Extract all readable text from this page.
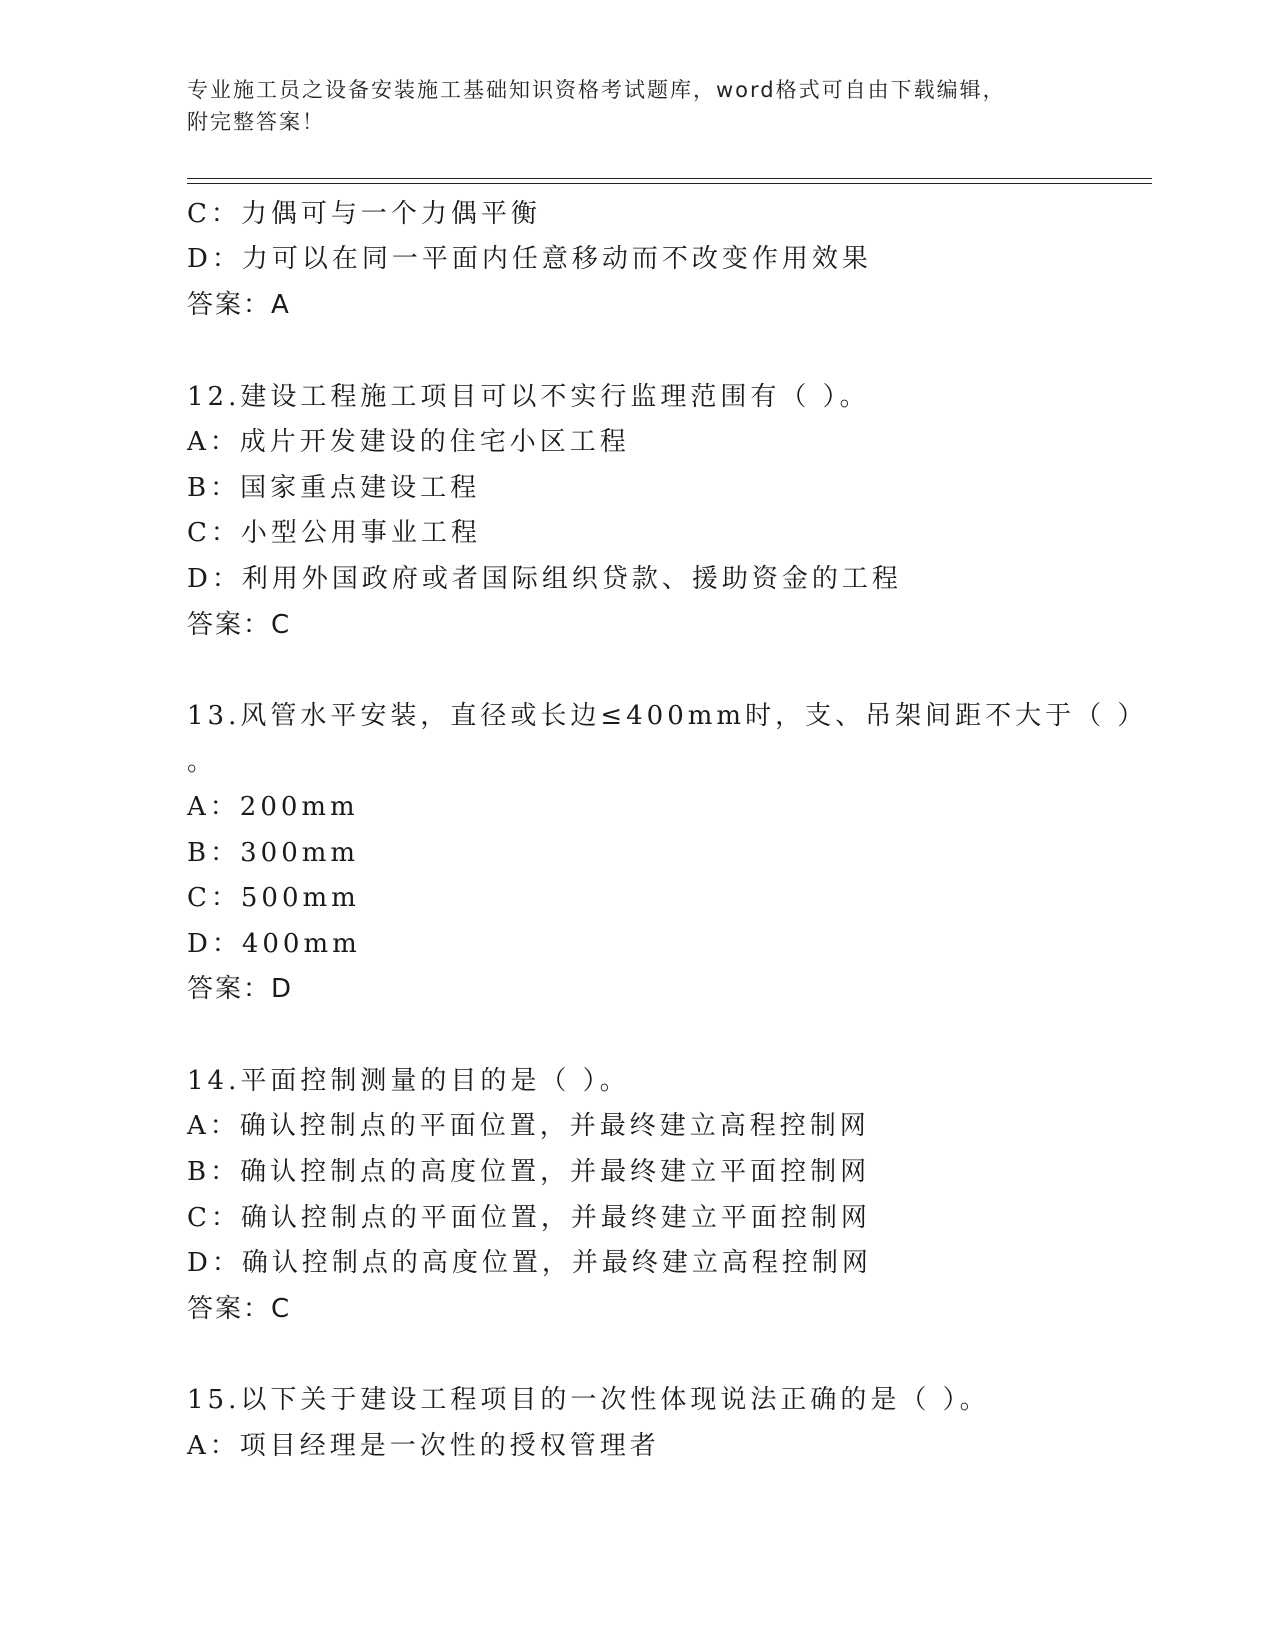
专业施工员之设备安装施工基础知识资格考试题库，word格式可自由下载编辑，
附完整答案！
C：力偶可与一个力偶平衡
D：力可以在同一平面内任意移动而不改变作用效果
答案：A
12.建设工程施工项目可以不实行监理范围有（ ）。
A：成片开发建设的住宅小区工程
B：国家重点建设工程
C：小型公用事业工程
D：利用外国政府或者国际组织贷款、援助资金的工程
答案：C
13.风管水平安装，直径或长边≤400mm时，支、吊架间距不大于（ ）
。
A：200mm
B：300mm
C：500mm
D：400mm
答案：D
14.平面控制测量的目的是（ ）。
A：确认控制点的平面位置，并最终建立高程控制网
B：确认控制点的高度位置，并最终建立平面控制网
C：确认控制点的平面位置，并最终建立平面控制网
D：确认控制点的高度位置，并最终建立高程控制网
答案：C
15.以下关于建设工程项目的一次性体现说法正确的是（ ）。
A：项目经理是一次性的授权管理者
